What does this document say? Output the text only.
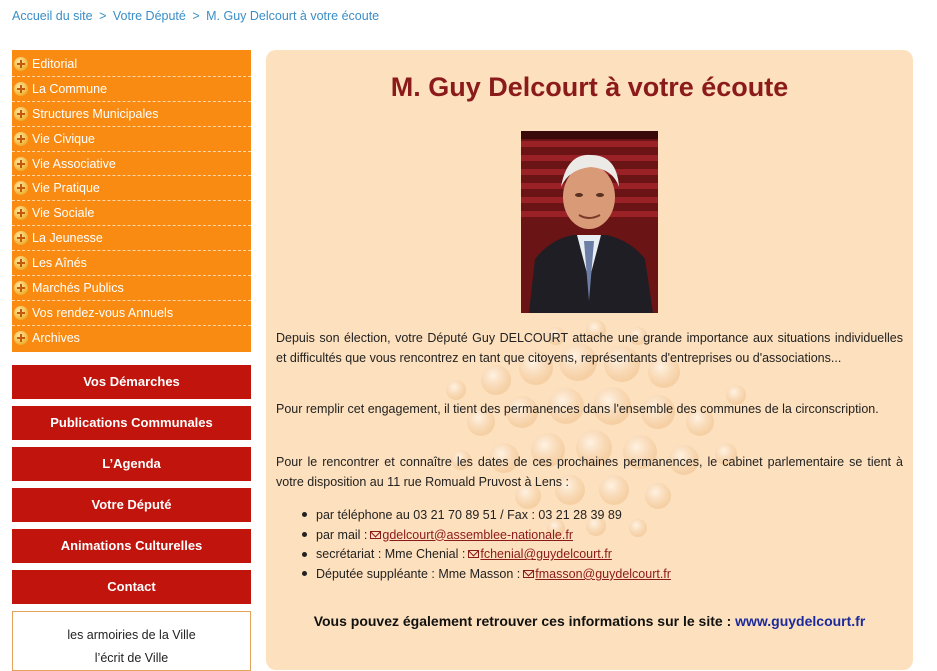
Accueil du site > Votre Député > M. Guy Delcourt à votre écoute
Editorial
La Commune
Structures Municipales
Vie Civique
Vie Associative
Vie Pratique
Vie Sociale
La Jeunesse
Les Aînés
Marchés Publics
Vos rendez-vous Annuels
Archives
Vos Démarches
Publications Communales
L’Agenda
Votre Député
Animations Culturelles
Contact
les armoiries de la Ville
l’écrit de Ville
M. Guy Delcourt à votre écoute

Depuis son élection, votre Député Guy DELCOURT attache une grande importance aux situations individuelles et difficultés que vous rencontrez en tant que citoyens, représentants d'entreprises ou d'associations...

Pour remplir cet engagement, il tient des permanences dans l'ensemble des communes de la circonscription.

Pour le rencontrer et connaître les dates de ces prochaines permanences, le cabinet parlementaire se tient à votre disposition au 11 rue Romuald Pruvost à Lens :

par téléphone au 03 21 70 89 51 / Fax : 03 21 28 39 89
par mail : gdelcourt@assemblee-nationale.fr
secrétariat : Mme Chenial : fchenial@guydelcourt.fr
Députée suppléante : Mme Masson : fmasson@guydelcourt.fr
Vous pouvez également retrouver ces informations sur le site : www.guydelcourt.fr
